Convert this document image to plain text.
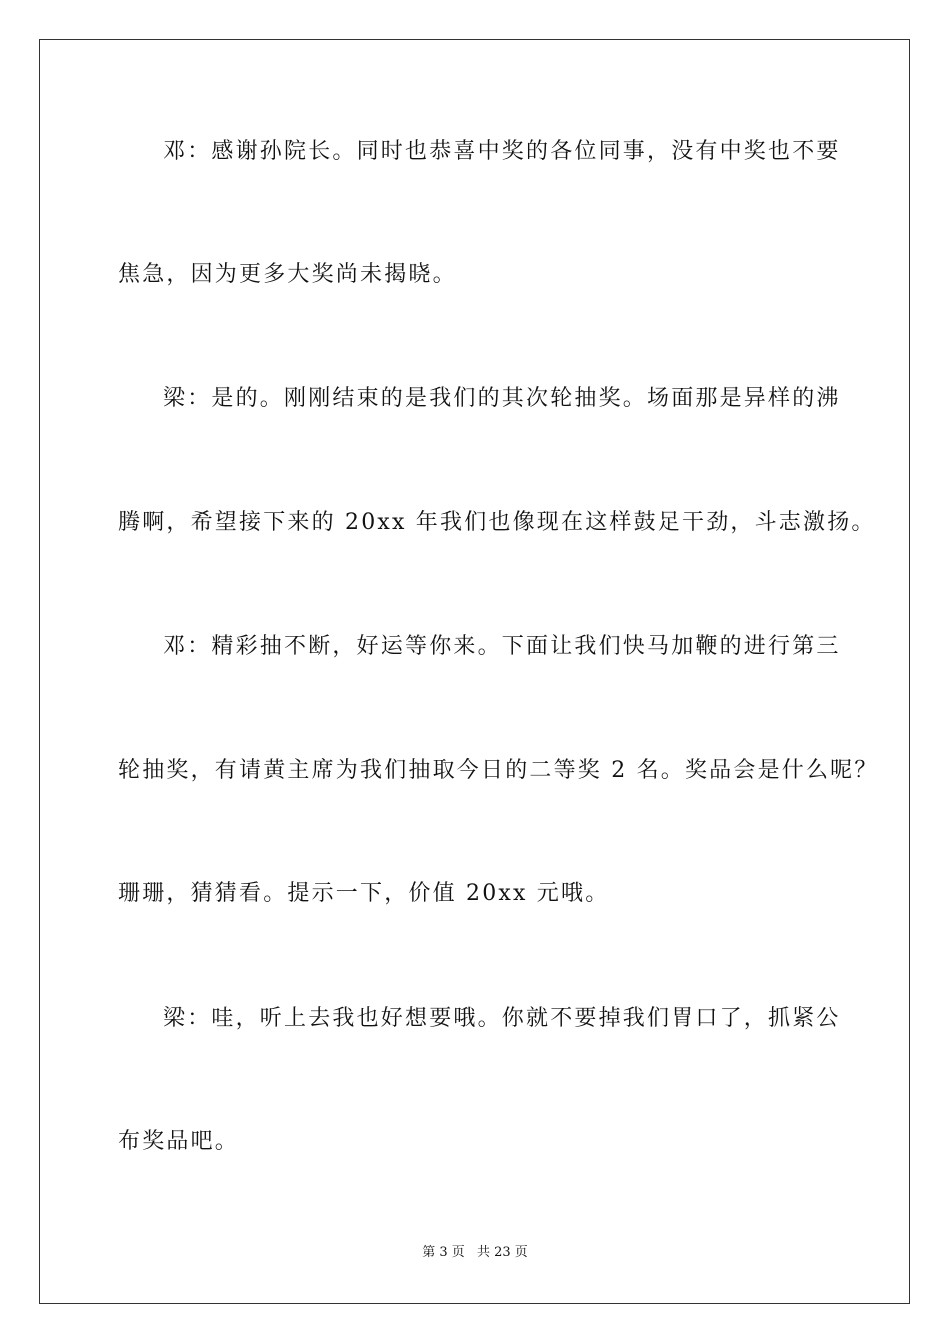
邓：感谢孙院长。同时也恭喜中奖的各位同事，没有中奖也不要
焦急，因为更多大奖尚未揭晓。
梁：是的。刚刚结束的是我们的其次轮抽奖。场面那是异样的沸
腾啊，希望接下来的 20xx 年我们也像现在这样鼓足干劲，斗志激扬。
邓：精彩抽不断，好运等你来。下面让我们快马加鞭的进行第三
轮抽奖，有请黄主席为我们抽取今日的二等奖 2 名。奖品会是什么呢？
珊珊，猜猜看。提示一下，价值 20xx 元哦。
梁：哇，听上去我也好想要哦。你就不要掉我们胃口了，抓紧公
布奖品吧。
第 3 页 共 23 页
